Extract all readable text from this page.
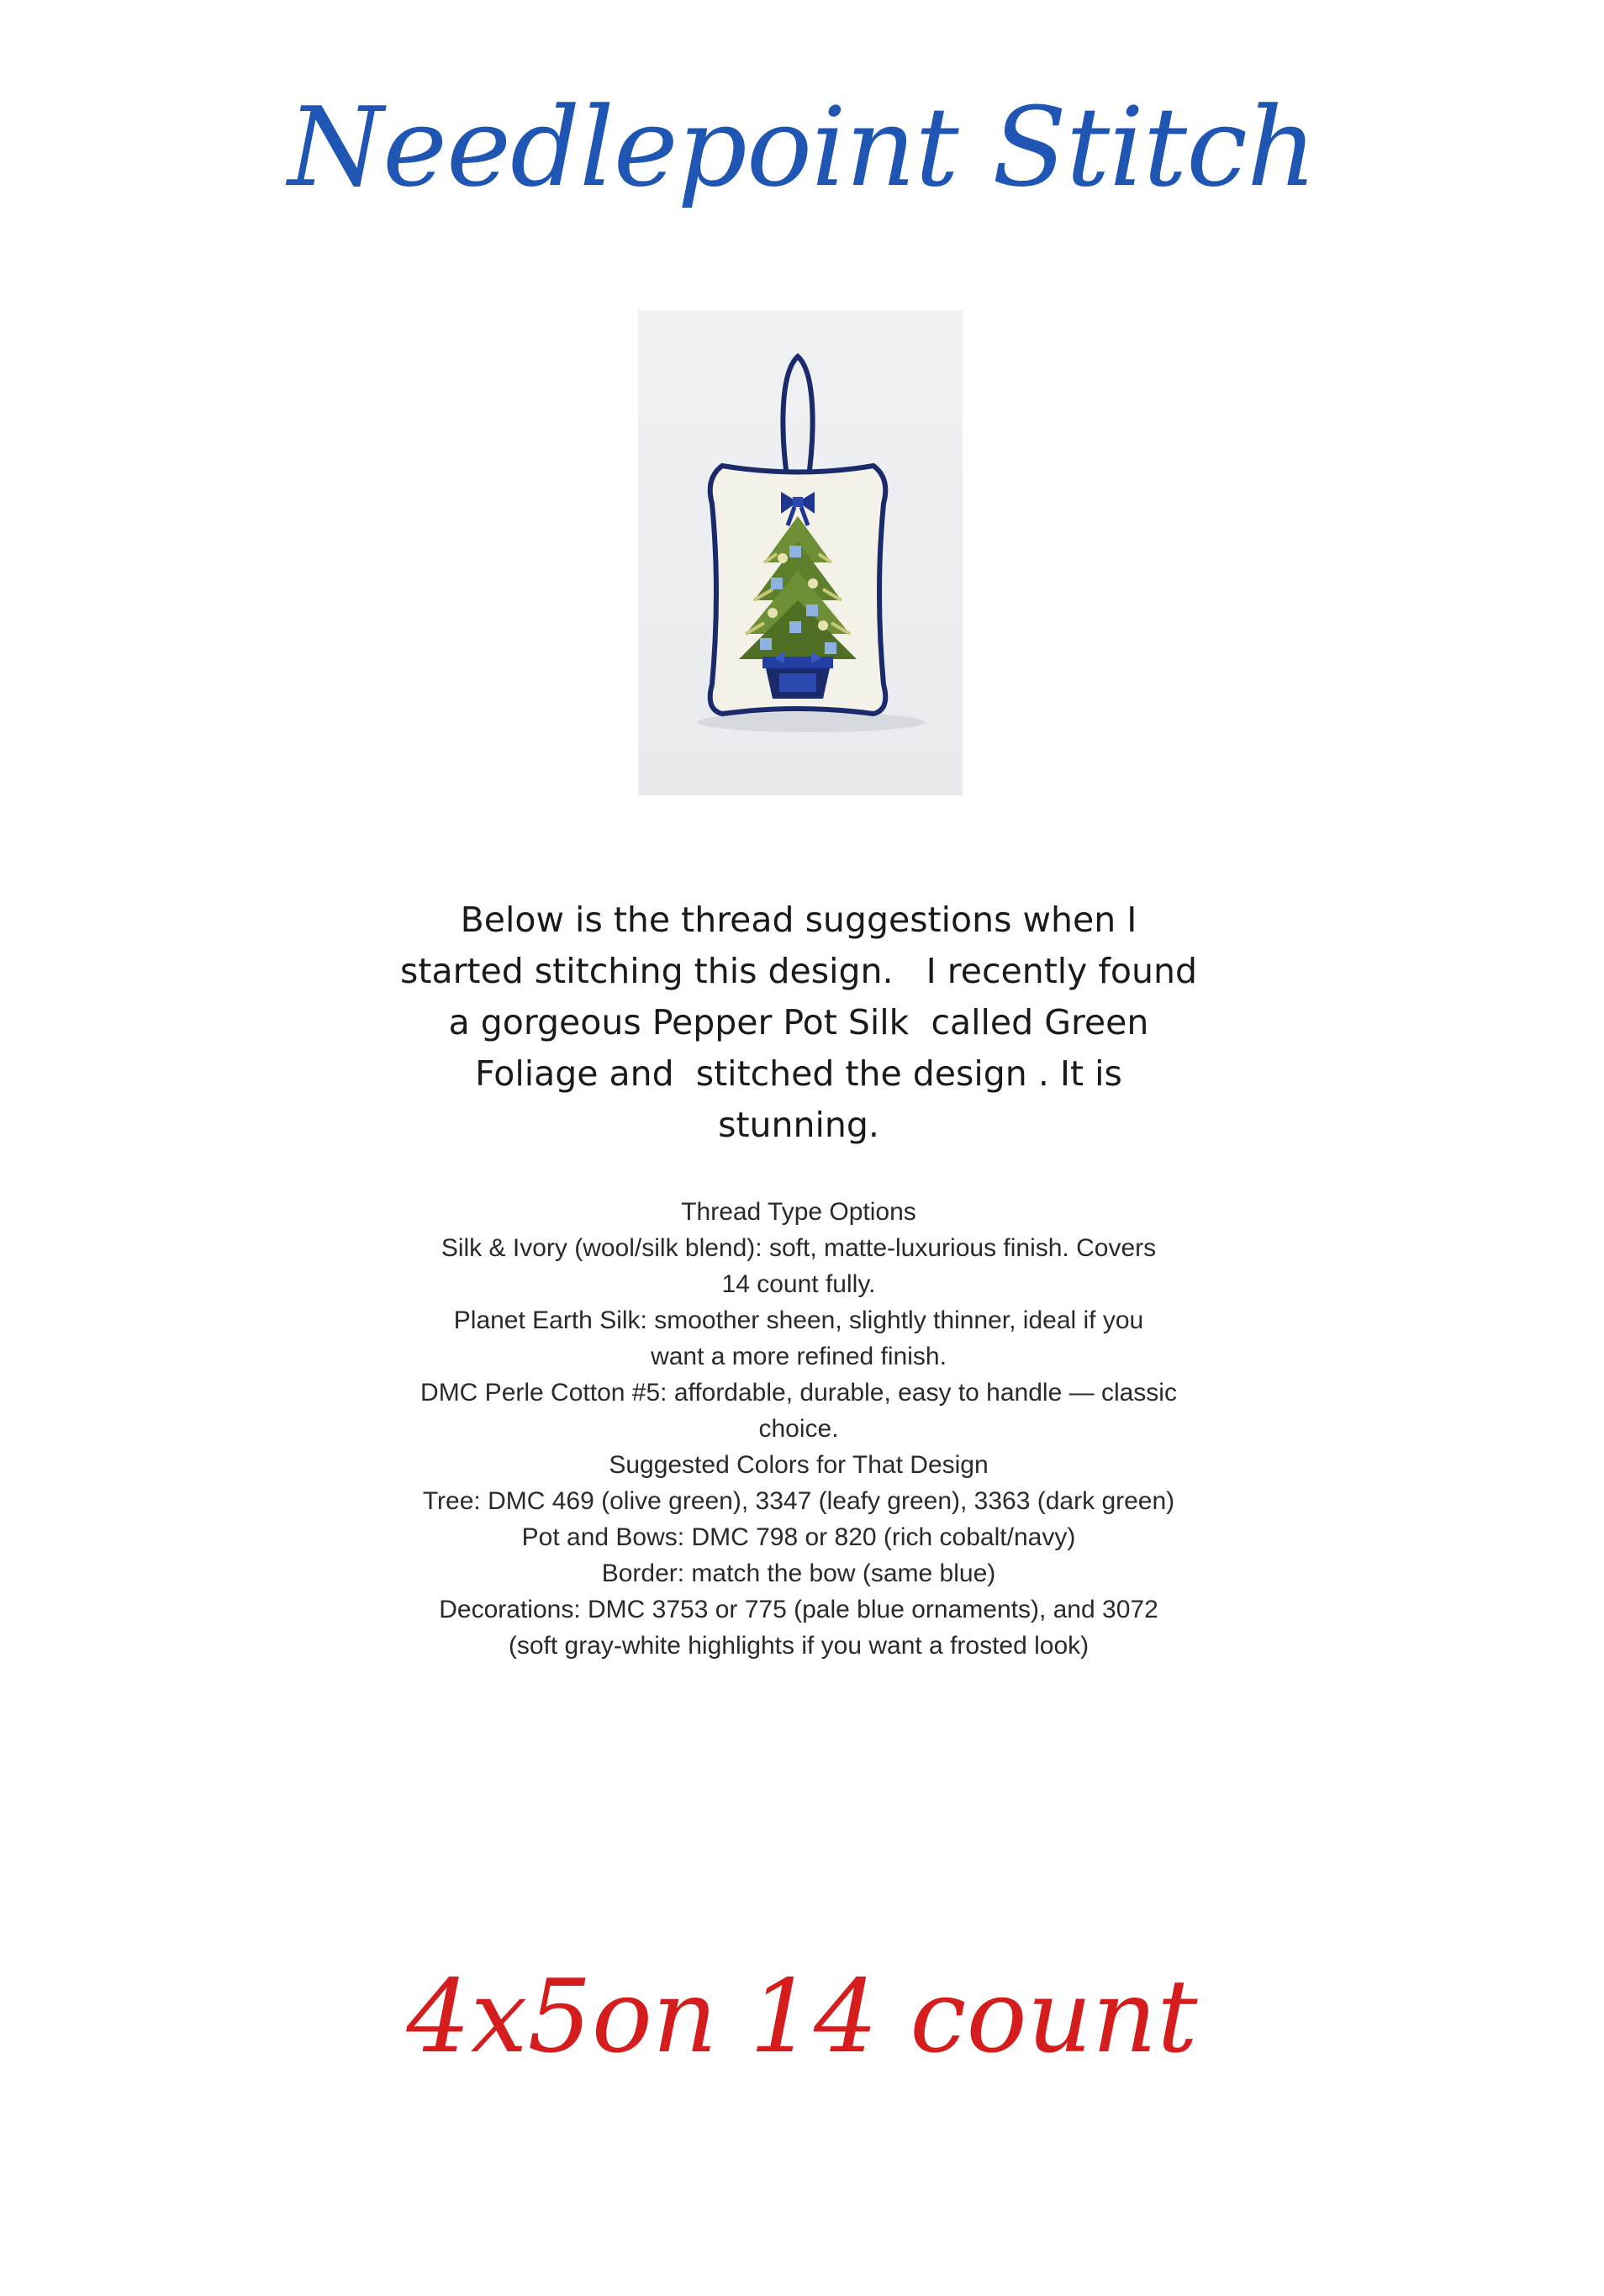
Needlepoint Stitch
Below is the thread suggestions when I
started stitching this design.   I recently found
a gorgeous Pepper Pot Silk  called Green
Foliage and  stitched the design . It is
stunning.
Thread Type Options
Silk & Ivory (wool/silk blend): soft, matte-luxurious finish. Covers
14 count fully.
Planet Earth Silk: smoother sheen, slightly thinner, ideal if you
want a more refined finish.
DMC Perle Cotton #5: affordable, durable, easy to handle — classic
choice.
Suggested Colors for That Design
Tree: DMC 469 (olive green), 3347 (leafy green), 3363 (dark green)
Pot and Bows: DMC 798 or 820 (rich cobalt/navy)
Border: match the bow (same blue)
Decorations: DMC 3753 or 775 (pale blue ornaments), and 3072
(soft gray-white highlights if you want a frosted look)
4x5on 14 count
